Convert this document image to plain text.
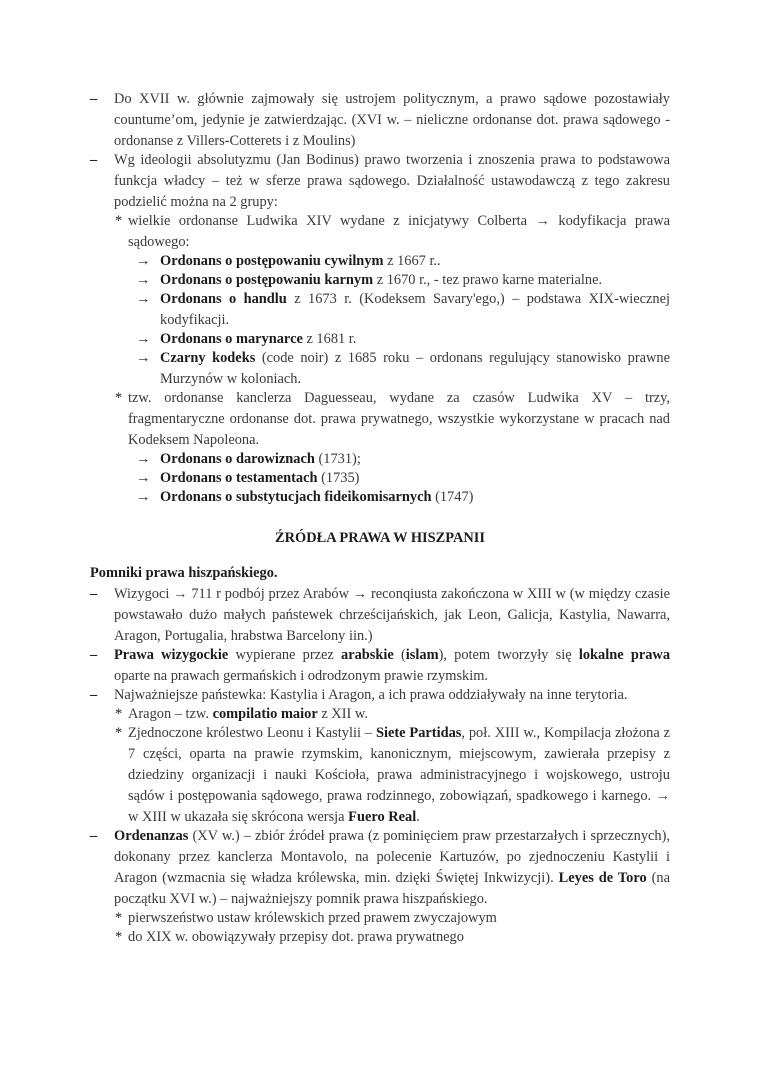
– Do XVII w. głównie zajmowały się ustrojem politycznym, a prawo sądowe pozostawiały countume’om, jedynie je zatwierdzając. (XVI w. – nieliczne ordonanse dot. prawa sądowego - ordonanse z Villers-Cotterets i z Moulins)
– Wg ideologii absolutyzmu (Jan Bodinus) prawo tworzenia i znoszenia prawa to podstawowa funkcja władcy – też w sferze prawa sądowego. Działalność ustawodawczą z tego zakresu podzielić można na 2 grupy:
* wielkie ordonanse Ludwika XIV wydane z inicjatywy Colberta → kodyfikacja prawa sądowego:
→ Ordonans o postępowaniu cywilnym z 1667 r..
→ Ordonans o postępowaniu karnym z 1670 r., - tez prawo karne materialne.
→ Ordonans o handlu z 1673 r. (Kodeksem Savary'ego,) – podstawa XIX-wiecznej kodyfikacji.
→ Ordonans o marynarce z 1681 r.
→ Czarny kodeks (code noir) z 1685 roku – ordonans regulujący stanowisko prawne Murzynów w koloniach.
* tzw. ordonanse kanclerza Daguesseau, wydane za czasów Ludwika XV – trzy, fragmentaryczne ordonanse dot. prawa prywatnego, wszystkie wykorzystane w pracach nad Kodeksem Napoleona.
→ Ordonans o darowiznach (1731);
→ Ordonans o testamentach (1735)
→ Ordonans o substytucjach fideikomisarnych (1747)
ŹRÓDŁA PRAWA W HISZPANII
Pomniki prawa hiszpańskiego.
– Wizygoci → 711 r podbój przez Arabów → reconqiusta zakończona w XIII w (w między czasie powstawało dużo małych państewek chrześcijańskich, jak Leon, Galicja, Kastylia, Nawarra, Aragon, Portugalia, hrabstwa Barcelony iin.)
– Prawa wizygockie wypierane przez arabskie (islam), potem tworzyły się lokalne prawa oparte na prawach germańskich i odrodzonym prawie rzymskim.
– Najważniejsze państewka: Kastylia i Aragon, a ich prawa oddziaływały na inne terytoria.
* Aragon – tzw. compilatio maior z XII w.
* Zjednoczone królestwo Leonu i Kastylii – Siete Partidas, poł. XIII w., Kompilacja złożona z 7 części, oparta na prawie rzymskim, kanonicznym, miejscowym, zawierała przepisy z dziedziny organizacji i nauki Kościoła, prawa administracyjnego i wojskowego, ustroju sądów i postępowania sądowego, prawa rodzinnego, zobowiązań, spadkowego i karnego. → w XIII w ukazała się skrócona wersja Fuero Real.
– Ordenanzas (XV w.) – zbiór źródeł prawa (z pominięciem praw przestarzałych i sprzecznych), dokonany przez kanclerza Montavolo, na polecenie Kartuzów, po zjednoczeniu Kastylii i Aragon (wzmacnia się władza królewska, min. dzięki Świętej Inkwizycji). Leyes de Toro (na początku XVI w.) – najważniejszy pomnik prawa hiszpańskiego.
* pierwszeństwo ustaw królewskich przed prawem zwyczajowym
* do XIX w. obowiązywały przepisy dot. prawa prywatnego
